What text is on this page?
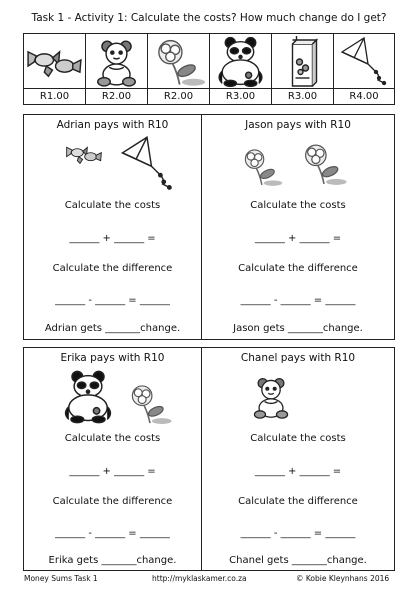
Task 1 - Activity 1: Calculate the costs? How much change do I get?
R1.00	R2.00	R2.00	R3.00	R3.00	R4.00
Adrian pays with R10
Calculate the costs
______ + ______ =
Calculate the difference
______ - ______ = ______
Adrian gets _______change.
Jason pays with R10
Calculate the costs
______ + ______ =
Calculate the difference
______ - ______ = ______
Jason gets _______change.
Erika pays with R10
Calculate the costs
______ + ______ =
Calculate the difference
______ - ______ = ______
Erika gets _______change.
Chanel pays with R10
Calculate the costs
______ + ______ =
Calculate the difference
______ - ______ = ______
Chanel gets _______change.
Money Sums Task 1	http://myklaskamer.co.za	© Kobie Kleynhans 2016
